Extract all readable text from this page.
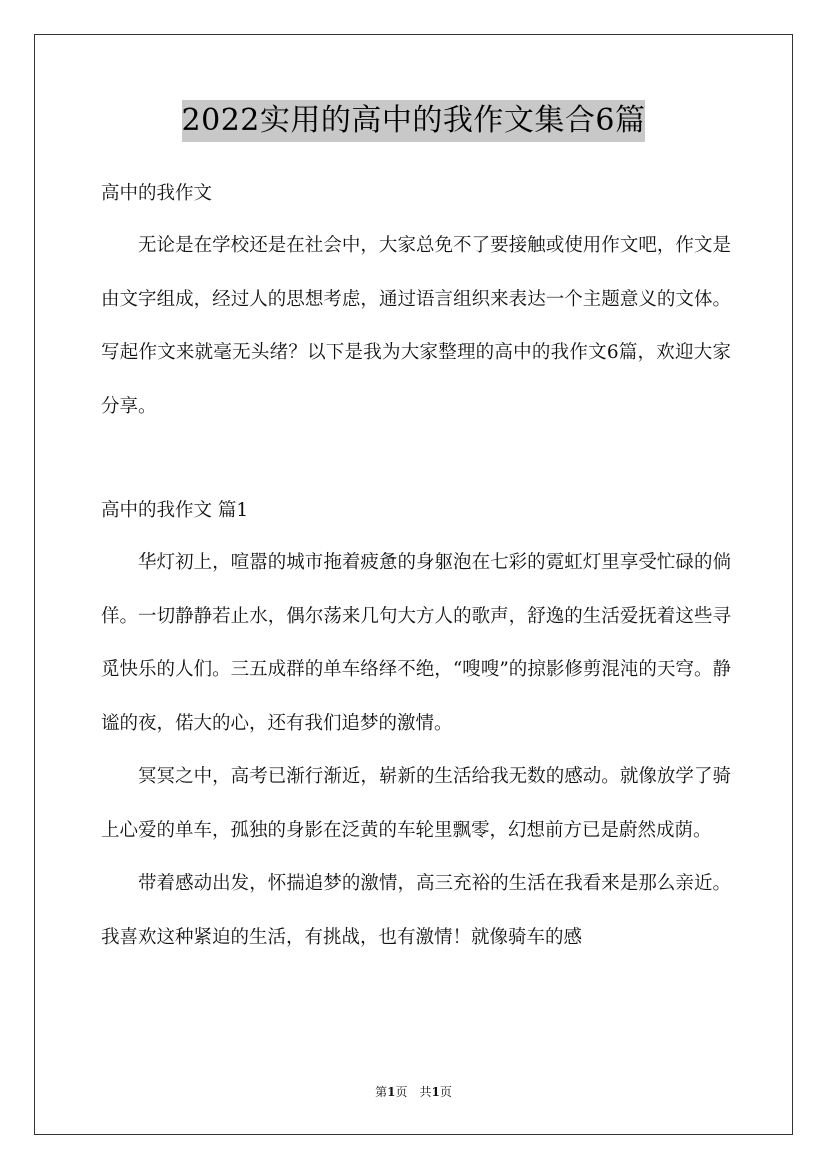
2022实用的高中的我作文集合6篇

高中的我作文

无论是在学校还是在社会中，大家总免不了要接触或使用作文吧，作文是由文字组成，经过人的思想考虑，通过语言组织来表达一个主题意义的文体。写起作文来就毫无头绪？以下是我为大家整理的高中的我作文6篇，欢迎大家分享。

高中的我作文 篇1

华灯初上，喧嚣的城市拖着疲惫的身躯泡在七彩的霓虹灯里享受忙碌的倘佯。一切静静若止水，偶尔荡来几句大方人的歌声，舒逸的生活爱抚着这些寻觅快乐的人们。三五成群的单车络绎不绝，“嗖嗖”的掠影修剪混沌的天穹。静谧的夜，偌大的心，还有我们追梦的激情。

冥冥之中，高考已渐行渐近，崭新的生活给我无数的感动。就像放学了骑上心爱的单车，孤独的身影在泛黄的车轮里飘零，幻想前方已是蔚然成荫。

带着感动出发，怀揣追梦的激情，高三充裕的生活在我看来是那么亲近。我喜欢这种紧迫的生活，有挑战，也有激情！就像骑车的感

第1页　共1页
